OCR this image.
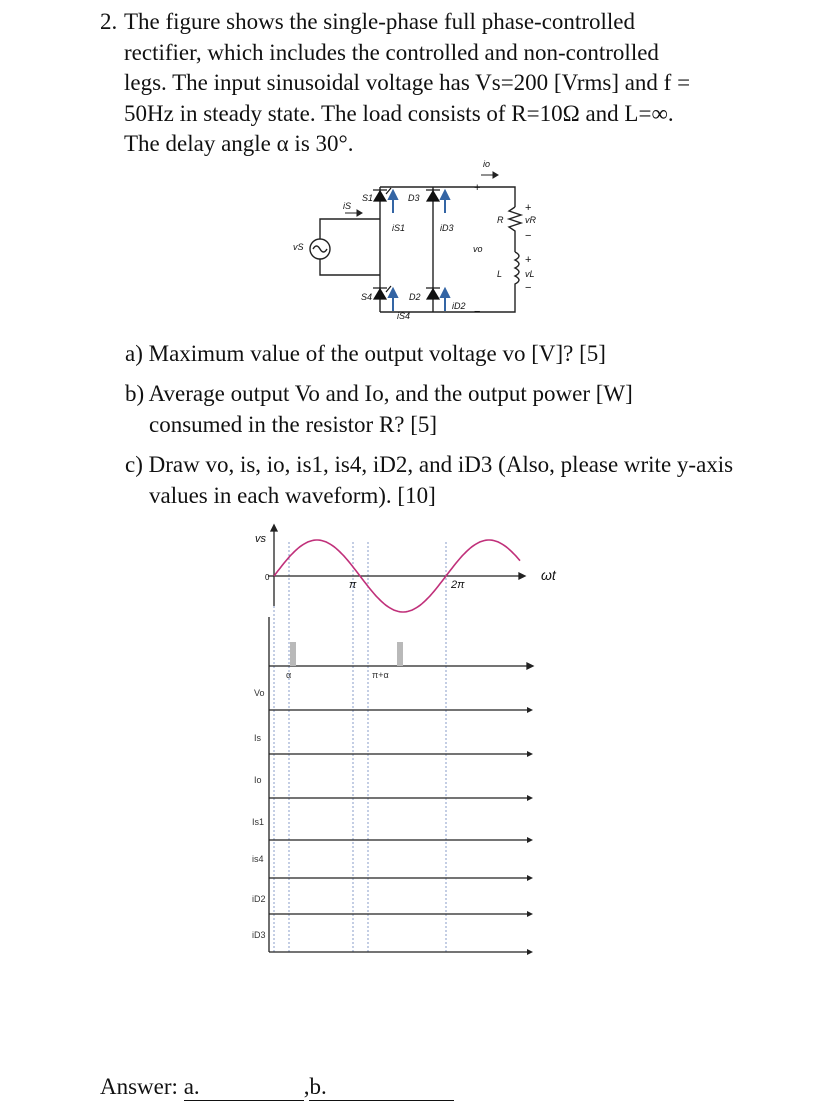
2. The figure shows the single-phase full phase-controlled

rectifier, which includes the controlled and non-controlled

legs. The input sinusoidal voltage has Vs=200 [Vrms] and f =

50Hz in steady state. The load consists of R=10Ω and L=∞.

The delay angle α is 30°.

S1	D3
S4	D2
iS
iS1	iD3
iS4
iD2
io
vS
R vR
L	vL
vo
+
−
+
−
+
−

a) Maximum value of the output voltage vo [V]? [5]

b) Average output Vo and Io, and the output power [W]

consumed in the resistor R? [5]

c) Draw vo, is, io, is1, is4, iD2, and iD3 (Also, please write y-axis

values in each waveform). [10]

vs
0
π	2π
ωt
α	π+α
Vo
Is
Io
Is1
is4
iD2
iD3
Answer: a.	,b.
